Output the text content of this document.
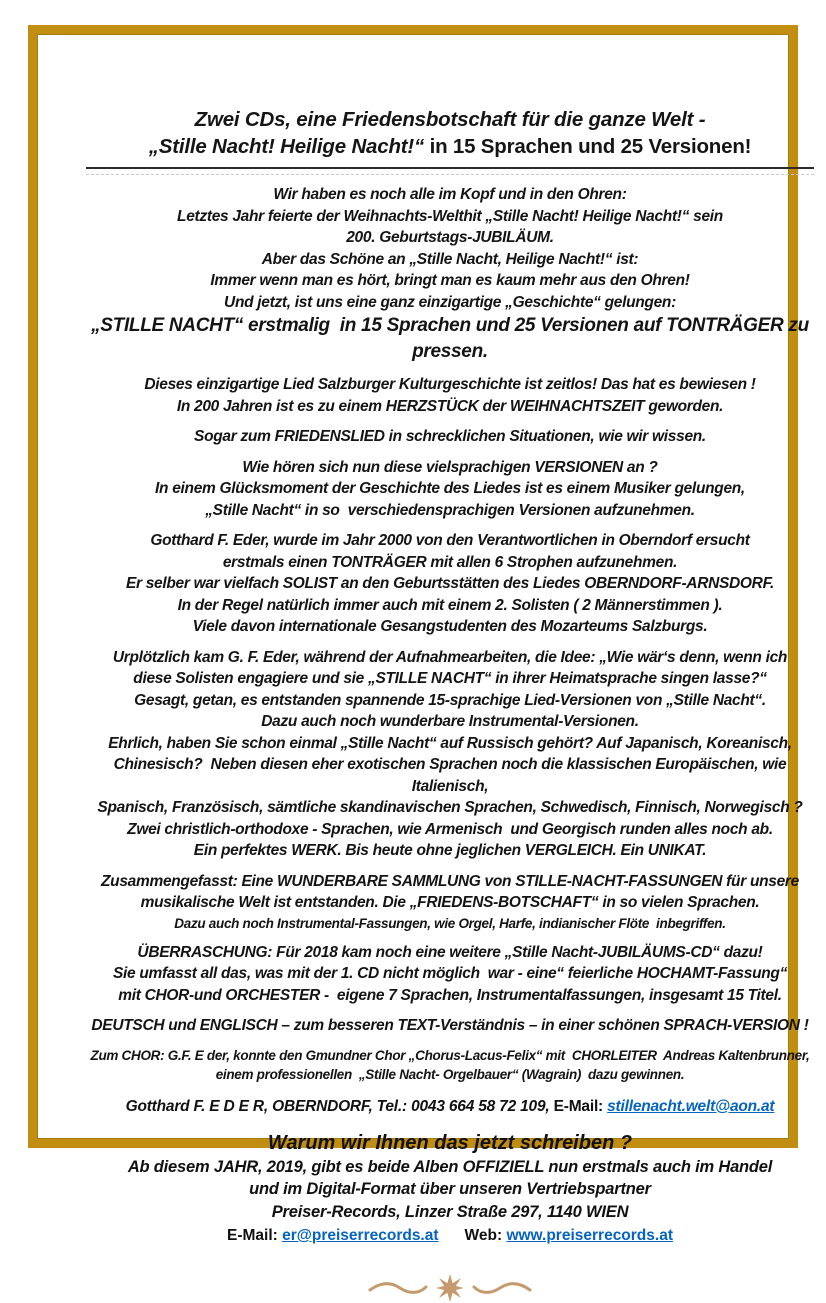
Zwei CDs, eine Friedensbotschaft für die ganze Welt -
„Stille Nacht! Heilige Nacht!“ in 15 Sprachen und 25 Versionen!
Wir haben es noch alle im Kopf und in den Ohren:
Letztes Jahr feierte der Weihnachts-Welthit „Stille Nacht! Heilige Nacht!“ sein
200. Geburtstags-JUBILÄUM.
Aber das Schöne an „Stille Nacht, Heilige Nacht!“ ist:
Immer wenn man es hört, bringt man es kaum mehr aus den Ohren!
Und jetzt, ist uns eine ganz einzigartige „Geschichte“ gelungen:
„STILLE NACHT“ erstmalig  in 15 Sprachen und 25 Versionen auf TONTRÄGER zu pressen.
Dieses einzigartige Lied Salzburger Kulturgeschichte ist zeitlos! Das hat es bewiesen !
In 200 Jahren ist es zu einem HERZSTÜCK der WEIHNACHTSZEIT geworden.
Sogar zum FRIEDENSLIED in schrecklichen Situationen, wie wir wissen.
Wie hören sich nun diese vielsprachigen VERSIONEN an ?
In einem Glücksmoment der Geschichte des Liedes ist es einem Musiker gelungen,
„Stille Nacht“ in so  verschiedensprachigen Versionen aufzunehmen.
Gotthard F. Eder, wurde im Jahr 2000 von den Verantwortlichen in Oberndorf ersucht
erstmals einen TONTRÄGER mit allen 6 Strophen aufzunehmen.
Er selber war vielfach SOLIST an den Geburtsstätten des Liedes OBERNDORF-ARNSDORF.
In der Regel natürlich immer auch mit einem 2. Solisten ( 2 Männerstimmen ).
Viele davon internationale Gesangstudenten des Mozarteums Salzburgs.
Urplötzlich kam G. F. Eder, während der Aufnahmearbeiten, die Idee: „Wie wär‘s denn, wenn ich
diese Solisten engagiere und sie „STILLE NACHT“ in ihrer Heimatsprache singen lasse?“
Gesagt, getan, es entstanden spannende 15-sprachige Lied-Versionen von „Stille Nacht“.
Dazu auch noch wunderbare Instrumental-Versionen.
Ehrlich, haben Sie schon einmal „Stille Nacht“ auf Russisch gehört? Auf Japanisch, Koreanisch,
Chinesisch?  Neben diesen eher exotischen Sprachen noch die klassischen Europäischen, wie Italienisch,
Spanisch, Französisch, sämtliche skandinavischen Sprachen, Schwedisch, Finnisch, Norwegisch ?
Zwei christlich-orthodoxe - Sprachen, wie Armenisch  und Georgisch runden alles noch ab.
Ein perfektes WERK. Bis heute ohne jeglichen VERGLEICH. Ein UNIKAT.
Zusammengefasst: Eine WUNDERBARE SAMMLUNG von STILLE-NACHT-FASSUNGEN für unsere
musikalische Welt ist entstanden. Die „FRIEDENS-BOTSCHAFT“ in so vielen Sprachen.
Dazu auch noch Instrumental-Fassungen, wie Orgel, Harfe, indianischer Flöte  inbegriffen.
ÜBERRASCHUNG: Für 2018 kam noch eine weitere „Stille Nacht-JUBILÄUMS-CD“ dazu!
Sie umfasst all das, was mit der 1. CD nicht möglich  war - eine“ feierliche HOCHAMT-Fassung“
mit CHOR-und ORCHESTER -  eigene 7 Sprachen, Instrumentalfassungen, insgesamt 15 Titel.
DEUTSCH und ENGLISCH – zum besseren TEXT-Verständnis – in einer schönen SPRACH-VERSION !
Zum CHOR: G.F. E der, konnte den Gmundner Chor „Chorus-Lacus-Felix“ mit  CHORLEITER  Andreas Kaltenbrunner,
einem professionellen  „Stille Nacht- Orgelbauer“ (Wagrain)  dazu gewinnen.
Gotthard F. E D E R, OBERNDORF, Tel.: 0043 664 58 72 109, E-Mail: stillenacht.welt@aon.at
Warum wir Ihnen das jetzt schreiben ?
Ab diesem JAHR, 2019, gibt es beide Alben OFFIZIELL nun erstmals auch im Handel
und im Digital-Format über unseren Vertriebspartner
Preiser-Records, Linzer Straße 297, 1140 WIEN
E-Mail: er@preiserrecords.at Web: www.preiserrecords.at
